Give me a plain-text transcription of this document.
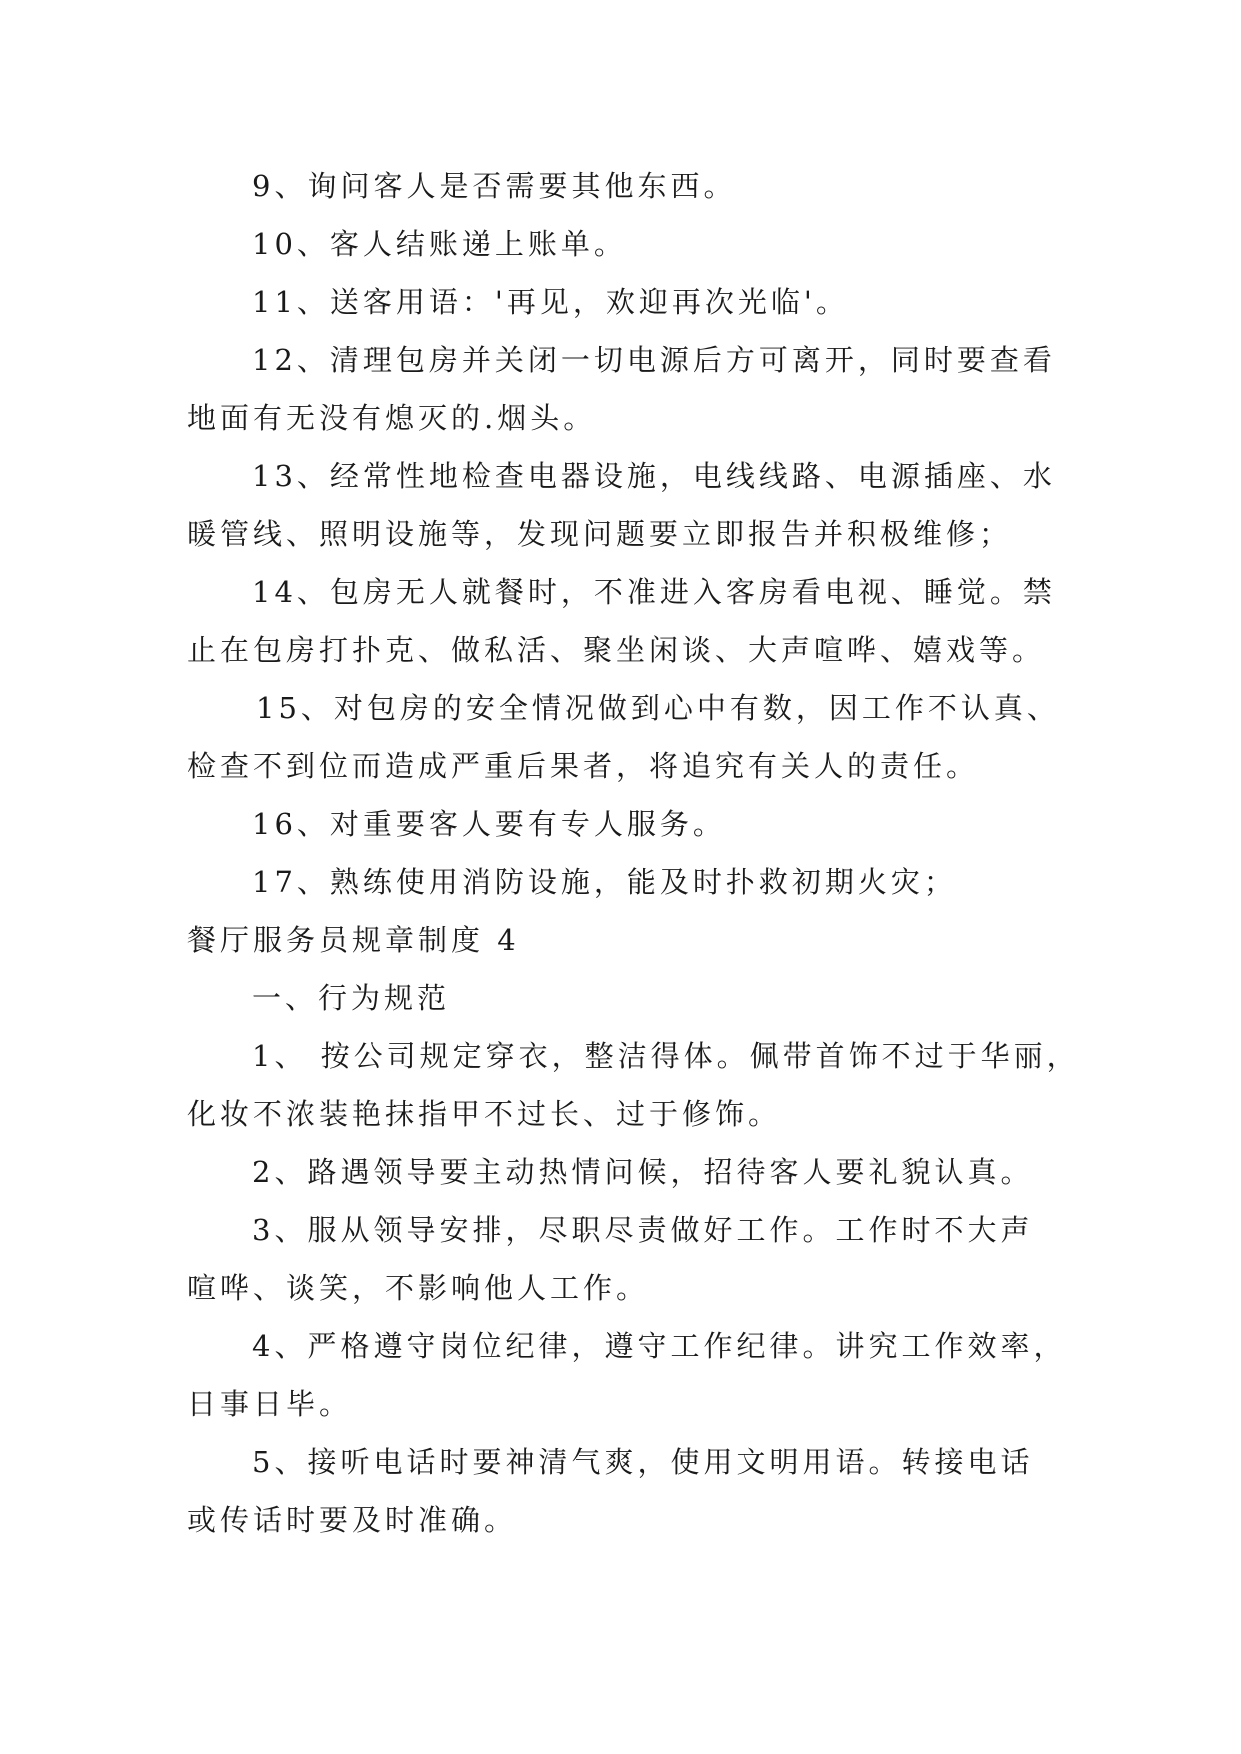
9、询问客人是否需要其他东西。
10、客人结账递上账单。
11、送客用语：'再见，欢迎再次光临'。
12、清理包房并关闭一切电源后方可离开，同时要查看
地面有无没有熄灭的.烟头。
13、经常性地检查电器设施，电线线路、电源插座、水
暖管线、照明设施等，发现问题要立即报告并积极维修；
14、包房无人就餐时，不准进入客房看电视、睡觉。禁
止在包房打扑克、做私活、聚坐闲谈、大声喧哗、嬉戏等。
15、对包房的安全情况做到心中有数，因工作不认真、
检查不到位而造成严重后果者，将追究有关人的责任。
16、对重要客人要有专人服务。
17、熟练使用消防设施，能及时扑救初期火灾；
餐厅服务员规章制度 4
一、行为规范
1、 按公司规定穿衣，整洁得体。佩带首饰不过于华丽，
化妆不浓装艳抹指甲不过长、过于修饰。
2、路遇领导要主动热情问候，招待客人要礼貌认真。
3、服从领导安排，尽职尽责做好工作。工作时不大声
喧哗、谈笑，不影响他人工作。
4、严格遵守岗位纪律，遵守工作纪律。讲究工作效率，
日事日毕。
5、接听电话时要神清气爽，使用文明用语。转接电话
或传话时要及时准确。
